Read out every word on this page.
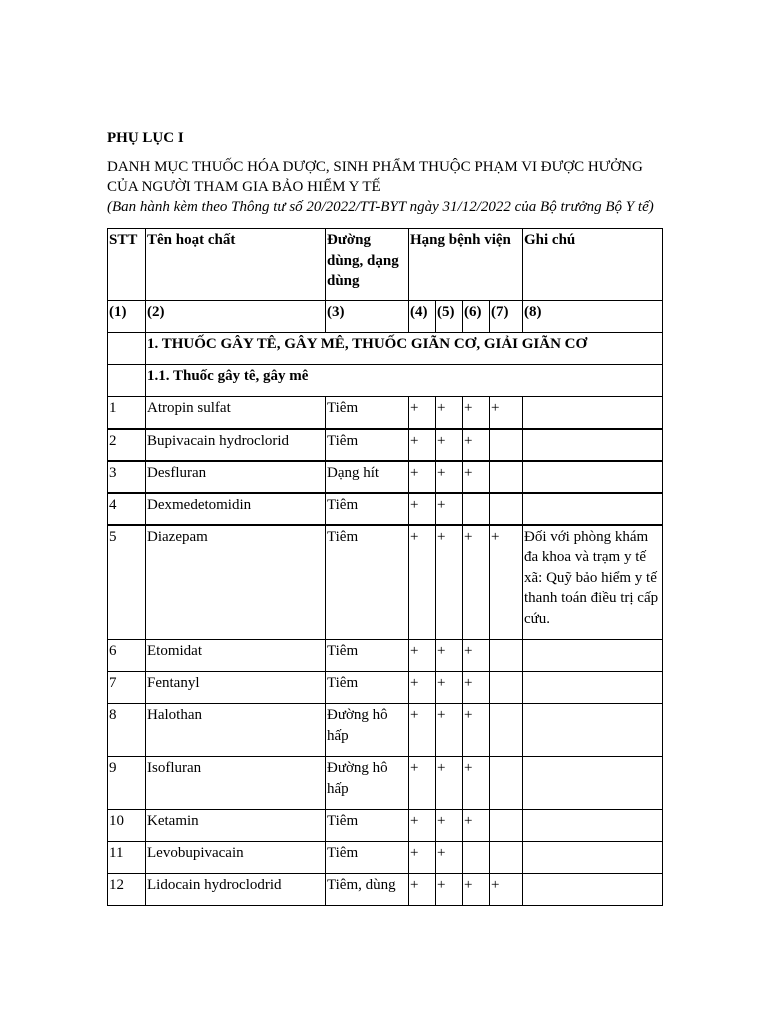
PHỤ LỤC I

DANH MỤC THUỐC HÓA DƯỢC, SINH PHẨM THUỘC PHẠM VI ĐƯỢC HƯỞNG

CỦA NGƯỜI THAM GIA BẢO HIỂM Y TẾ

(Ban hành kèm theo Thông tư số 20/2022/TT-BYT ngày 31/12/2022 của Bộ trưởng Bộ Y tế)

STT	Tên hoạt chất	Đường dùng, dạng dùng	Hạng bệnh viện				Ghi chú
(1)	(2)	(3)	(4)	(5)	(6)	(7)	(8)
	1. THUỐC GÂY TÊ, GÂY MÊ, THUỐC GIÃN CƠ, GIẢI GIÃN CƠ						
	1.1. Thuốc gây tê, gây mê						
1	Atropin sulfat	Tiêm	+	+	+	+	
2	Bupivacain hydroclorid	Tiêm	+	+	+		
3	Desfluran	Dạng hít	+	+	+		
4	Dexmedetomidin	Tiêm	+	+			
5	Diazepam	Tiêm	+	+	+	+	Đối với phòng khám đa khoa và trạm y tế xã: Quỹ bảo hiểm y tế thanh toán điều trị cấp cứu.
6	Etomidat	Tiêm	+	+	+		
7	Fentanyl	Tiêm	+	+	+		
8	Halothan	Đường hô hấp	+	+	+		
9	Isofluran	Đường hô hấp	+	+	+		
10	Ketamin	Tiêm	+	+	+		
11	Levobupivacain	Tiêm	+	+			
12	Lidocain hydroclodrid	Tiêm, dùng	+	+	+	+	
